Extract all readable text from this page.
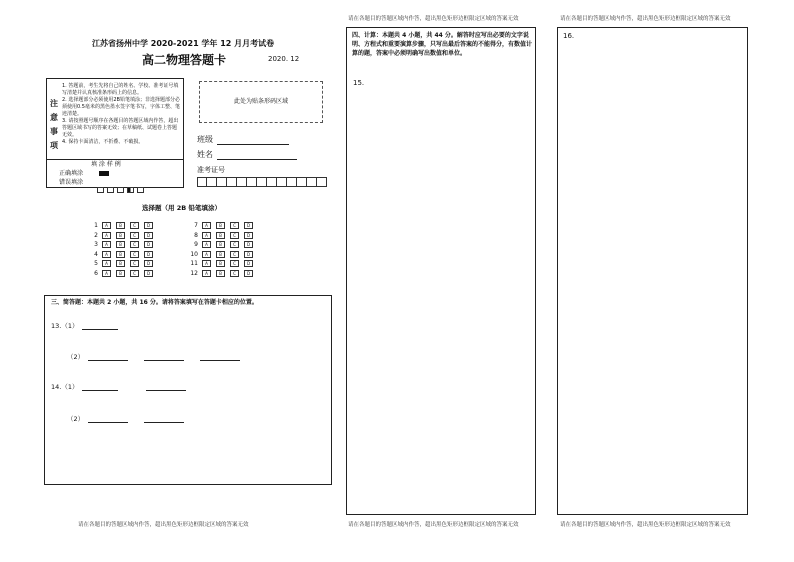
江苏省扬州中学 2020-2021 学年 12 月月考试卷
高二物理答题卡	2020. 12
注
意
事
项
1. 答题前，考生先将自己的姓名、学校、准考证号填写清楚并认真核准条形码上的信息。
2. 选择题部分必须使用2B铅笔填涂；非选择题部分必须使用0.5毫米的黑色墨水签字笔书写，字体工整、笔迹清楚。
3. 请按照题号顺序在各题目的答题区域内作答，超出答题区域书写的答案无效；在草稿纸、试题卷上答题无效。
4. 保持卡面清洁，不折叠、不破损。
填 涂 样 例
正确填涂
错误填涂
此处为贴条形码区域
班级
姓名
准考证号
选择题（用 2B 铅笔填涂）
1	A	B	C	D
2	A	B	C	D
3	A	B	C	D
4	A	B	C	D
5	A	B	C	D
6	A	B	C	D
7	A	B	C	D
8	A	B	C	D
9	A	B	C	D
10	A	B	C	D
11	A	B	C	D
12	A	B	C	D
三、简答题：本题共 2 小题，共 16 分。请将答案填写在答题卡相应的位置。
13.（1）
（2）
14.（1）
（2）
请在各题目的答题区域内作答，超出黑色矩形边框限定区域的答案无效
请在各题目的答题区域内作答，超出黑色矩形边框限定区域的答案无效
四、计算：本题共 4 小题，共 44 分。解答时应写出必要的文字说明、方程式和重要演算步骤，只写出最后答案的不能得分，有数值计算的题，答案中必须明确写出数值和单位。
15.
请在各题目的答题区域内作答，超出黑色矩形边框限定区域的答案无效
请在各题目的答题区域内作答，超出黑色矩形边框限定区域的答案无效
16.
请在各题目的答题区域内作答，超出黑色矩形边框限定区域的答案无效
